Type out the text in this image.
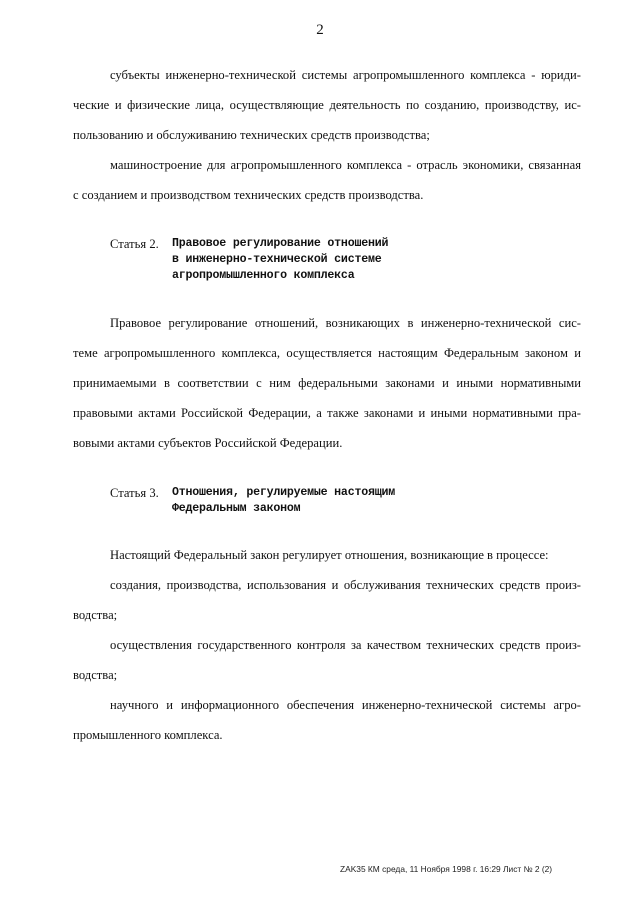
2
субъекты инженерно-технической системы агропромышленного комплекса - юриди-
ческие и физические лица, осуществляющие деятельность по созданию, производству, ис-
пользованию и обслуживанию технических средств производства;
машиностроение для агропромышленного комплекса - отрасль экономики, связанная
с созданием и производством технических средств производства.
Статья 2. Правовое регулирование отношений
в инженерно-технической системе
агропромышленного комплекса
Правовое регулирование отношений, возникающих в инженерно-технической сис-
теме агропромышленного комплекса, осуществляется настоящим Федеральным законом и
принимаемыми в соответствии с ним федеральными законами и иными нормативными
правовыми актами Российской Федерации, а также законами и иными нормативными пра-
вовыми актами субъектов Российской Федерации.
Статья 3. Отношения, регулируемые настоящим
Федеральным законом
Настоящий Федеральный закон регулирует отношения, возникающие в процессе:
создания, производства, использования и обслуживания технических средств произ-
водства;
осуществления государственного контроля за качеством технических средств произ-
водства;
научного и информационного обеспечения инженерно-технической системы агро-
промышленного комплекса.
ZAK35 КМ среда, 11 Ноября 1998 г. 16:29 Лист № 2 (2)
